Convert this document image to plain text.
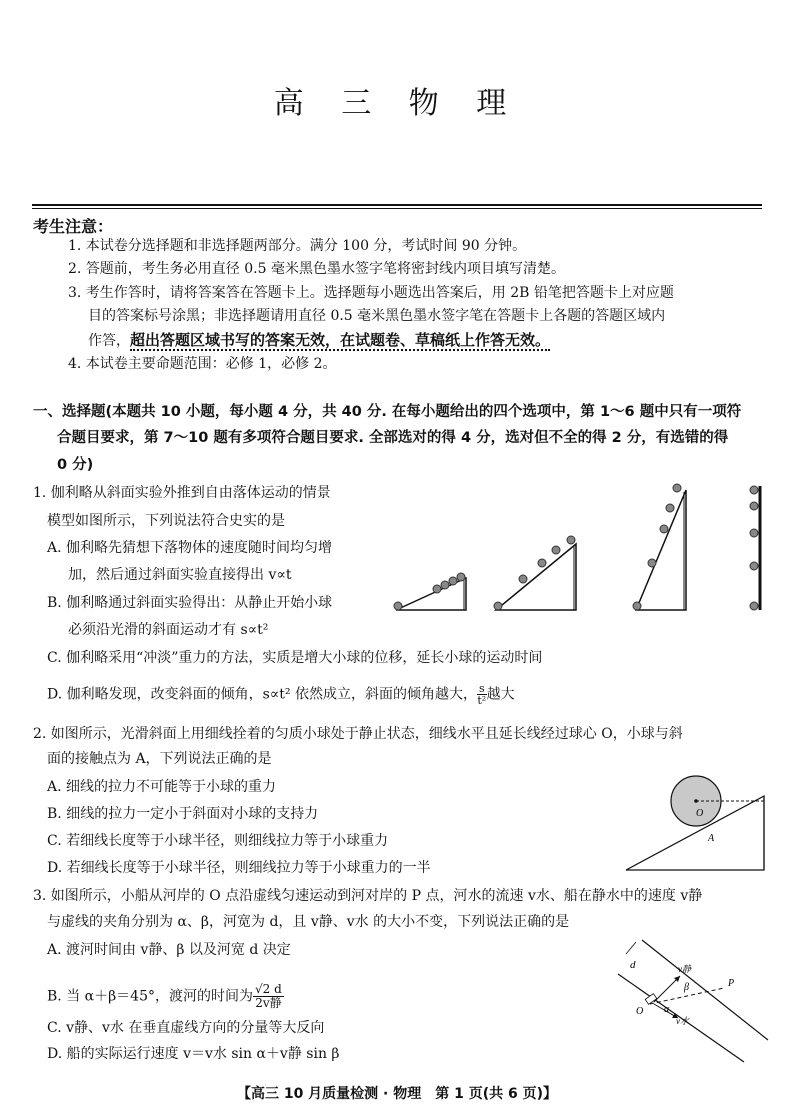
高 三 物 理
考生注意：
1. 本试卷分选择题和非选择题两部分。满分 100 分，考试时间 90 分钟。
2. 答题前，考生务必用直径 0.5 毫米黑色墨水签字笔将密封线内项目填写清楚。
3. 考生作答时，请将答案答在答题卡上。选择题每小题选出答案后，用 2B 铅笔把答题卡上对应题
目的答案标号涂黑；非选择题请用直径 0.5 毫米黑色墨水签字笔在答题卡上各题的答题区域内
作答，超出答题区域书写的答案无效，在试题卷、草稿纸上作答无效。
4. 本试卷主要命题范围：必修 1，必修 2。
一、选择题(本题共 10 小题，每小题 4 分，共 40 分. 在每小题给出的四个选项中，第 1～6 题中只有一项符
合题目要求，第 7～10 题有多项符合题目要求. 全部选对的得 4 分，选对但不全的得 2 分，有选错的得
0 分)
1. 伽利略从斜面实验外推到自由落体运动的情景
模型如图所示，下列说法符合史实的是
A. 伽利略先猜想下落物体的速度随时间均匀增
加，然后通过斜面实验直接得出 v∝t
B. 伽利略通过斜面实验得出：从静止开始小球
必须沿光滑的斜面运动才有 s∝t²
C. 伽利略采用“冲淡”重力的方法，实质是增大小球的位移，延长小球的运动时间
D. 伽利略发现，改变斜面的倾角，s∝t² 依然成立，斜面的倾角越大， $\frac{s}{\text{t²}}$ 越大
2. 如图所示，光滑斜面上用细线拴着的匀质小球处于静止状态，细线水平且延长线经过球心 O，小球与斜
面的接触点为 A，下列说法正确的是
A. 细线的拉力不可能等于小球的重力
B. 细线的拉力一定小于斜面对小球的支持力
C. 若细线长度等于小球半径，则细线拉力等于小球重力
D. 若细线长度等于小球半径，则细线拉力等于小球重力的一半
O
A
3. 如图所示，小船从河岸的 O 点沿虚线匀速运动到河对岸的 P 点，河水的流速 v水、船在静水中的速度 v静
与虚线的夹角分别为 α、β，河宽为 d，且 v静、v水 的大小不变，下列说法正确的是
A. 渡河时间由 v静、β 以及河宽 d 决定
B. 当 α＋β＝45°，渡河的时间为 √2 d
2v静
C. v静、v水 在垂直虚线方向的分量等大反向
D. 船的实际运行速度 v＝v水 sin α＋v静 sin β
d	v静
β
α
P
O
v水
【高三 10 月质量检测 · 物理　第 1 页(共 6 页)】
